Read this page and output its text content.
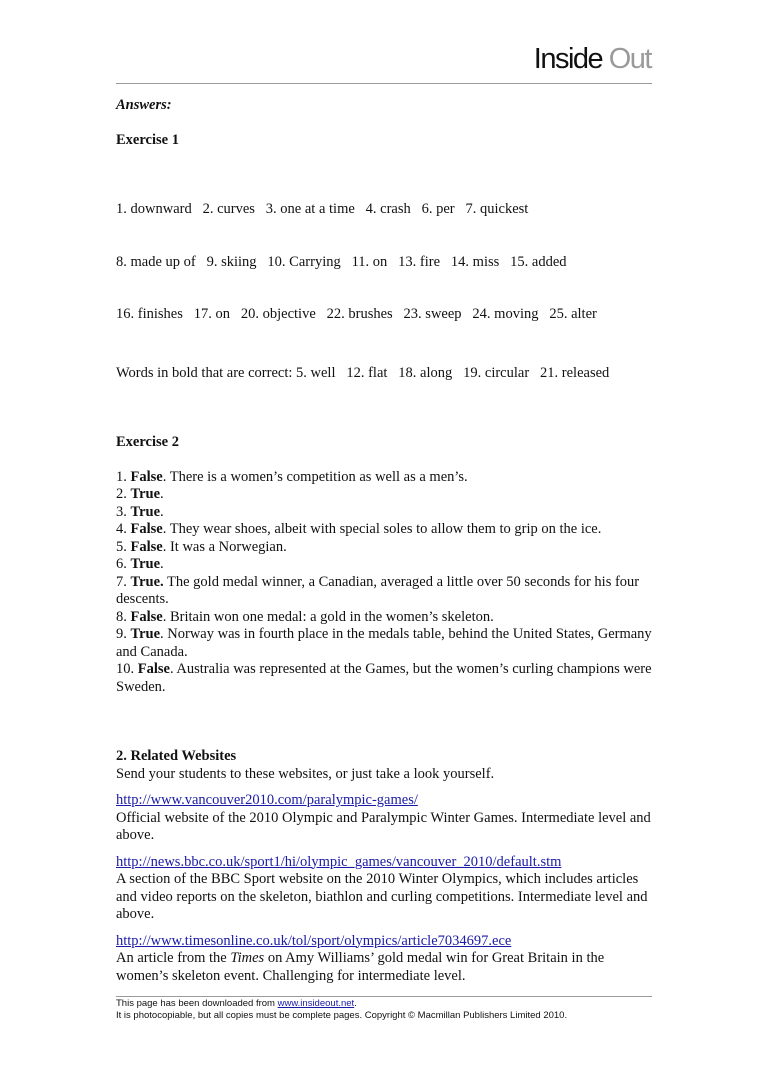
Inside Out

Answers:

Exercise 1

1. downward   2. curves   3. one at a time   4. crash   6. per   7. quickest

8. made up of   9. skiing   10. Carrying   11. on   13. fire   14. miss   15. added

16. finishes   17. on   20. objective   22. brushes   23. sweep   24. moving   25. alter

Words in bold that are correct: 5. well   12. flat   18. along   19. circular   21. released

Exercise 2

1. False. There is a women’s competition as well as a men’s.

2. True.

3. True.

4. False. They wear shoes, albeit with special soles to allow them to grip on the ice.

5. False. It was a Norwegian.

6. True.

7. True. The gold medal winner, a Canadian, averaged a little over 50 seconds for his four descents.

8. False. Britain won one medal: a gold in the women’s skeleton.

9. True. Norway was in fourth place in the medals table, behind the United States, Germany and Canada.

10. False. Australia was represented at the Games, but the women’s curling champions were Sweden.

2. Related Websites

Send your students to these websites, or just take a look yourself.

http://www.vancouver2010.com/paralympic-games/

Official website of the 2010 Olympic and Paralympic Winter Games. Intermediate level and above.

http://news.bbc.co.uk/sport1/hi/olympic_games/vancouver_2010/default.stm

A section of the BBC Sport website on the 2010 Winter Olympics, which includes articles and video reports on the skeleton, biathlon and curling competitions. Intermediate level and above.

http://www.timesonline.co.uk/tol/sport/olympics/article7034697.ece

An article from the Times on Amy Williams’ gold medal win for Great Britain in the women’s skeleton event. Challenging for intermediate level.

This page has been downloaded from www.insideout.net.
It is photocopiable, but all copies must be complete pages. Copyright © Macmillan Publishers Limited 2010.
